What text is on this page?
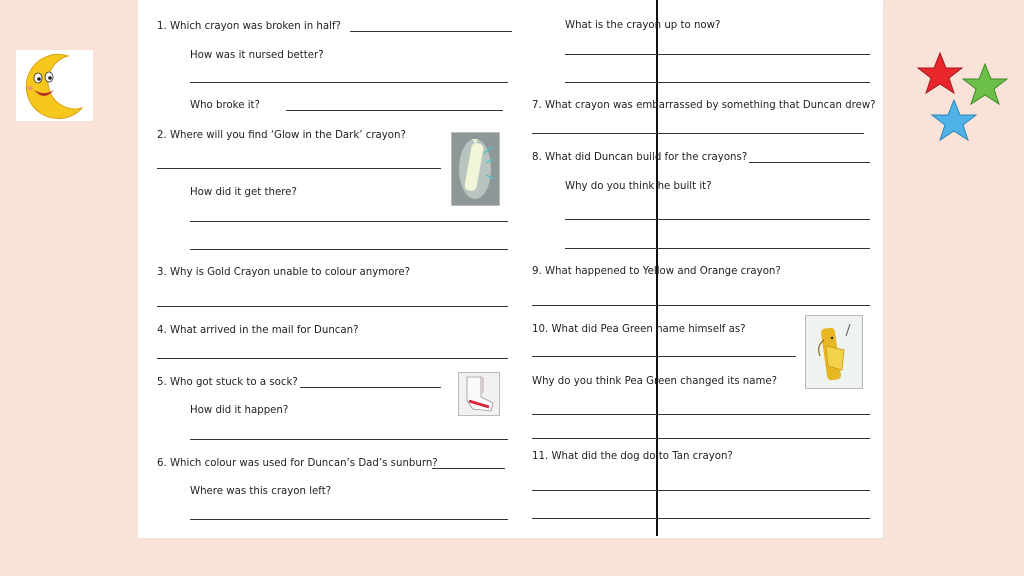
1. Which crayon was broken in half?
How was it nursed better?
Who broke it?
2. Where will you find ‘Glow in the Dark’ crayon?
How did it get there?
3. Why is Gold Crayon unable to colour anymore?
4. What arrived in the mail for Duncan?
5. Who got stuck to a sock?
How did it happen?
6. Which colour was used for Duncan’s Dad’s sunburn?
Where was this crayon left?
What is the crayon up to now?
7. What crayon was embarrassed by something that Duncan drew?
8. What did Duncan build for the crayons?
Why do you think he built it?
9. What happened to Yellow and Orange crayon?
10. What did Pea Green name himself as?
Why do you think Pea Green changed its name?
11. What did the dog do to Tan crayon?
